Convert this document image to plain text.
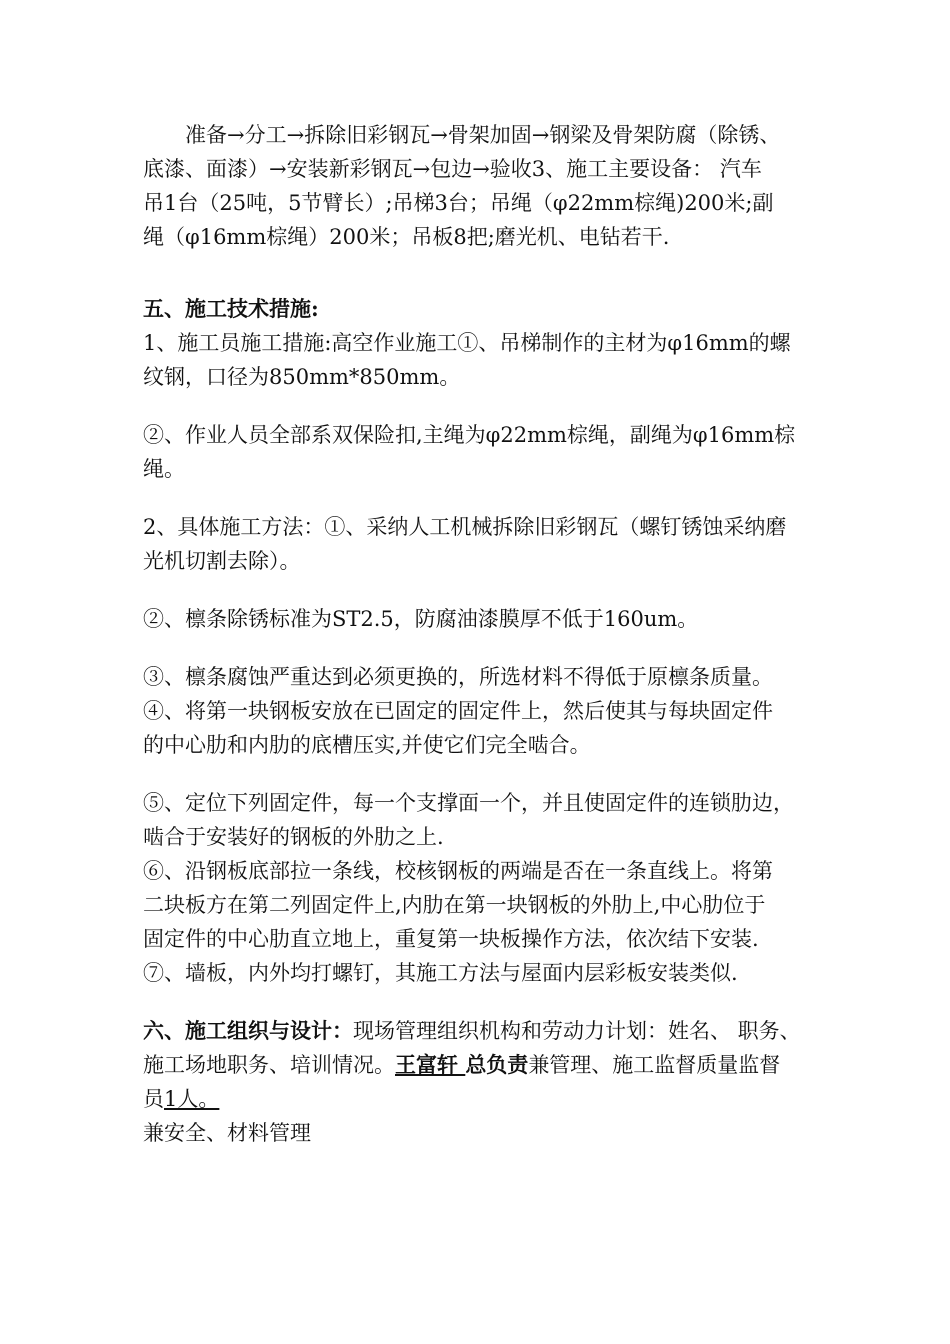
准备→分工→拆除旧彩钢瓦→骨架加固→钢梁及骨架防腐（除锈、
底漆、面漆）→安装新彩钢瓦→包边→验收3、施工主要设备： 汽车
吊1台（25吨，5节臂长）;吊梯3台；吊绳（φ22mm棕绳)200米;副
绳（φ16mm棕绳）200米；吊板8把;磨光机、电钻若干.
五、施工技术措施:
1、施工员施工措施:高空作业施工①、吊梯制作的主材为φ16mm的螺
纹钢，口径为850mm*850mm。
②、作业人员全部系双保险扣,主绳为φ22mm棕绳，副绳为φ16mm棕
绳。
2、具体施工方法：①、采纳人工机械拆除旧彩钢瓦（螺钉锈蚀采纳磨
光机切割去除）。
②、檩条除锈标准为ST2.5，防腐油漆膜厚不低于160um。
③、檩条腐蚀严重达到必须更换的，所选材料不得低于原檩条质量。
④、将第一块钢板安放在已固定的固定件上，然后使其与每块固定件
的中心肋和内肋的底槽压实,并使它们完全啮合。
⑤、定位下列固定件，每一个支撑面一个，并且使固定件的连锁肋边，
啮合于安装好的钢板的外肋之上.
⑥、沿钢板底部拉一条线，校核钢板的两端是否在一条直线上。将第
二块板方在第二列固定件上,内肋在第一块钢板的外肋上,中心肋位于
固定件的中心肋直立地上，重复第一块板操作方法，依次结下安装.
⑦、墙板，内外均打螺钉，其施工方法与屋面内层彩板安装类似.
六、施工组织与设计：现场管理组织机构和劳动力计划：姓名、 职务、
施工场地职务、培训情况。王富轩 总负责兼管理、施工监督质量监督
员1人。
兼安全、材料管理
